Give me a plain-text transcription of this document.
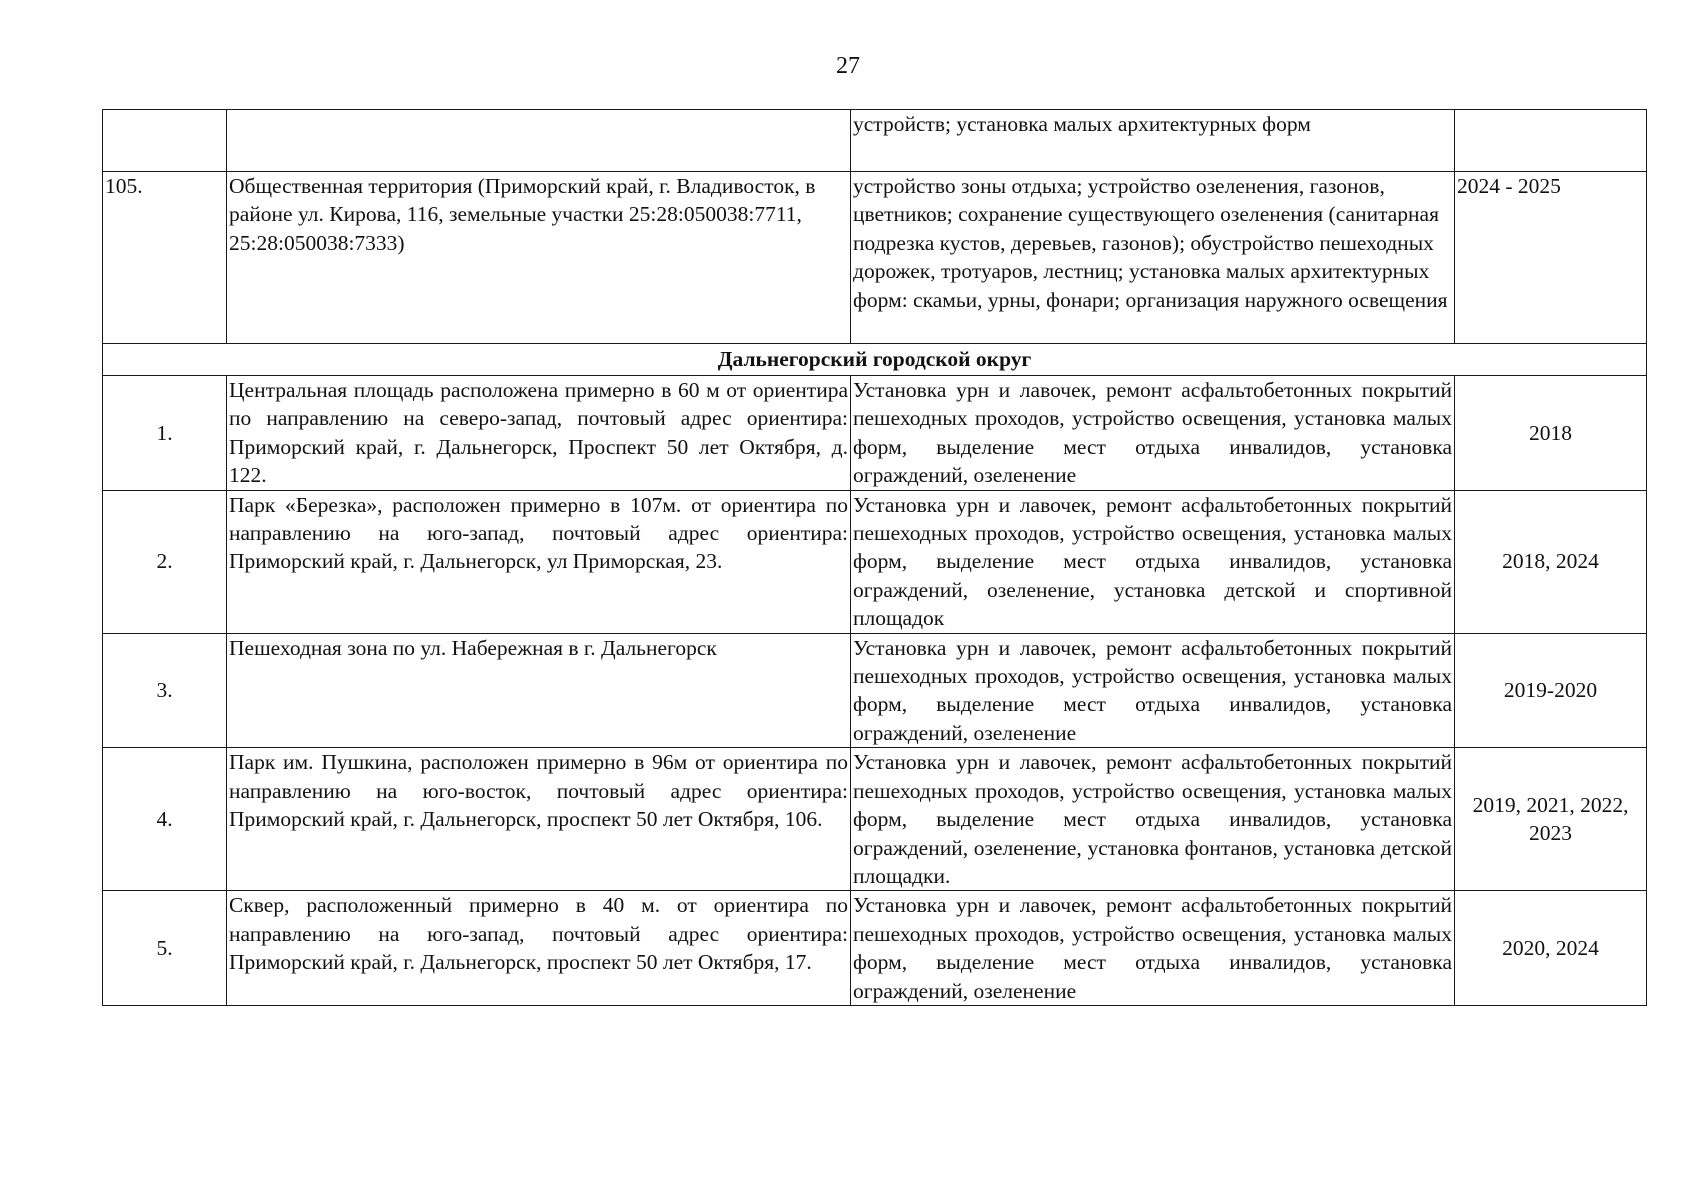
27
		устройств; установка малых архитектурных форм	
105.	Общественная территория (Приморский край, г. Владивосток, в районе ул. Кирова, 116, земельные участки 25:28:050038:7711, 25:28:050038:7333)	устройство зоны отдыха; устройство озеленения, газонов, цветников; сохранение существующего озеленения (санитарная подрезка кустов, деревьев, газонов); обустройство пешеходных дорожек, тротуаров, лестниц; установка малых архитектурных форм: скамьи, урны, фонари; организация наружного освещения	2024 - 2025
Дальнегорский городской округ			
1.	Центральная площадь расположена примерно в 60 м от ориентира по направлению на северо-запад, почтовый адрес ориентира: Приморский край, г. Дальнегорск, Проспект 50 лет Октября, д. 122.	Установка урн и лавочек, ремонт асфальтобетонных покрытий пешеходных проходов, устройство освещения, установка малых форм, выделение мест отдыха инвалидов, установка ограждений, озеленение	2018
2.	Парк «Березка», расположен примерно в 107м. от ориентира по направлению на юго-запад, почтовый адрес ориентира: Приморский край, г. Дальнегорск, ул Приморская, 23.	Установка урн и лавочек, ремонт асфальтобетонных покрытий пешеходных проходов, устройство освещения, установка малых форм, выделение мест отдыха инвалидов, установка ограждений, озеленение, установка детской и спортивной площадок	2018, 2024
3.	Пешеходная зона по ул. Набережная в г. Дальнегорск	Установка урн и лавочек, ремонт асфальтобетонных покрытий пешеходных проходов, устройство освещения, установка малых форм, выделение мест отдыха инвалидов, установка ограждений, озеленение	2019-2020
4.	Парк им. Пушкина, расположен примерно в 96м от ориентира по направлению на юго-восток, почтовый адрес ориентира: Приморский край, г. Дальнегорск, проспект 50 лет Октября, 106.	Установка урн и лавочек, ремонт асфальтобетонных покрытий пешеходных проходов, устройство освещения, установка малых форм, выделение мест отдыха инвалидов, установка ограждений, озеленение, установка фонтанов, установка детской площадки.	2019, 2021, 2022, 2023
5.	Сквер, расположенный примерно в 40 м. от ориентира по направлению на юго-запад, почтовый адрес ориентира: Приморский край, г. Дальнегорск, проспект 50 лет Октября, 17.	Установка урн и лавочек, ремонт асфальтобетонных покрытий пешеходных проходов, устройство освещения, установка малых форм, выделение мест отдыха инвалидов, установка ограждений, озеленение	2020, 2024
